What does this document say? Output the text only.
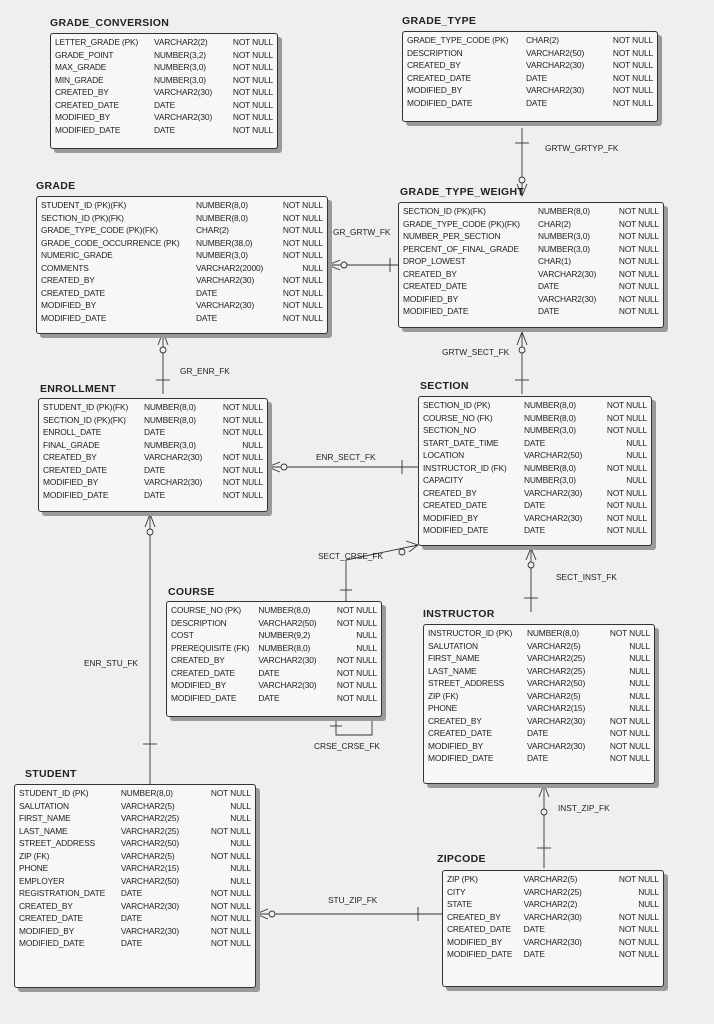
GRADE_CONVERSION	GRADE_TYPE
GRADE	GRADE_TYPE_WEIGHT
ENROLLMENT	SECTION
COURSE
INSTRUCTOR
STUDENT
ZIPCODE
LETTER_GRADE (PK)	VARCHAR2(2)	NOT NULL
GRADE_POINT	NUMBER(3,2)	NOT NULL
MAX_GRADE	NUMBER(3,0)	NOT NULL
MIN_GRADE	NUMBER(3,0)	NOT NULL
CREATED_BY	VARCHAR2(30)	NOT NULL
CREATED_DATE	DATE	NOT NULL
MODIFIED_BY	VARCHAR2(30)	NOT NULL
MODIFIED_DATE	DATE	NOT NULL
GRADE_TYPE_CODE (PK)	CHAR(2)	NOT NULL
DESCRIPTION	VARCHAR2(50)	NOT NULL
CREATED_BY	VARCHAR2(30)	NOT NULL
CREATED_DATE	DATE	NOT NULL
MODIFIED_BY	VARCHAR2(30)	NOT NULL
MODIFIED_DATE	DATE	NOT NULL
STUDENT_ID (PK)(FK)	NUMBER(8,0)	NOT NULL
SECTION_ID (PK)(FK)	NUMBER(8,0)	NOT NULL
GRADE_TYPE_CODE (PK)(FK)	CHAR(2)	NOT NULL
GRADE_CODE_OCCURRENCE (PK)	NUMBER(38,0)	NOT NULL
NUMERIC_GRADE	NUMBER(3,0)	NOT NULL
COMMENTS	VARCHAR2(2000)	NULL
CREATED_BY	VARCHAR2(30)	NOT NULL
CREATED_DATE	DATE	NOT NULL
MODIFIED_BY	VARCHAR2(30)	NOT NULL
MODIFIED_DATE	DATE	NOT NULL
SECTION_ID (PK)(FK)	NUMBER(8,0)	NOT NULL
GRADE_TYPE_CODE (PK)(FK)	CHAR(2)	NOT NULL
NUMBER_PER_SECTION	NUMBER(3,0)	NOT NULL
PERCENT_OF_FINAL_GRADE	NUMBER(3,0)	NOT NULL
DROP_LOWEST	CHAR(1)	NOT NULL
CREATED_BY	VARCHAR2(30)	NOT NULL
CREATED_DATE	DATE	NOT NULL
MODIFIED_BY	VARCHAR2(30)	NOT NULL
MODIFIED_DATE	DATE	NOT NULL
STUDENT_ID (PK)(FK)	NUMBER(8,0)	NOT NULL
SECTION_ID (PK)(FK)	NUMBER(8,0)	NOT NULL
ENROLL_DATE	DATE	NOT NULL
FINAL_GRADE	NUMBER(3,0)	NULL
CREATED_BY	VARCHAR2(30)	NOT NULL
CREATED_DATE	DATE	NOT NULL
MODIFIED_BY	VARCHAR2(30)	NOT NULL
MODIFIED_DATE	DATE	NOT NULL
SECTION_ID (PK)	NUMBER(8,0)	NOT NULL
COURSE_NO (FK)	NUMBER(8,0)	NOT NULL
SECTION_NO	NUMBER(3,0)	NOT NULL
START_DATE_TIME	DATE	NULL
LOCATION	VARCHAR2(50)	NULL
INSTRUCTOR_ID (FK)	NUMBER(8,0)	NOT NULL
CAPACITY	NUMBER(3,0)	NULL
CREATED_BY	VARCHAR2(30)	NOT NULL
CREATED_DATE	DATE	NOT NULL
MODIFIED_BY	VARCHAR2(30)	NOT NULL
MODIFIED_DATE	DATE	NOT NULL
COURSE_NO (PK)	NUMBER(8,0)	NOT NULL
DESCRIPTION	VARCHAR2(50)	NOT NULL
COST	NUMBER(9,2)	NULL
PREREQUISITE (FK)	NUMBER(8,0)	NULL
CREATED_BY	VARCHAR2(30)	NOT NULL
CREATED_DATE	DATE	NOT NULL
MODIFIED_BY	VARCHAR2(30)	NOT NULL
MODIFIED_DATE	DATE	NOT NULL
INSTRUCTOR_ID (PK)	NUMBER(8,0)	NOT NULL
SALUTATION	VARCHAR2(5)	NULL
FIRST_NAME	VARCHAR2(25)	NULL
LAST_NAME	VARCHAR2(25)	NULL
STREET_ADDRESS	VARCHAR2(50)	NULL
ZIP (FK)	VARCHAR2(5)	NULL
PHONE	VARCHAR2(15)	NULL
CREATED_BY	VARCHAR2(30)	NOT NULL
CREATED_DATE	DATE	NOT NULL
MODIFIED_BY	VARCHAR2(30)	NOT NULL
MODIFIED_DATE	DATE	NOT NULL
STUDENT_ID (PK)	NUMBER(8,0)	NOT NULL
SALUTATION	VARCHAR2(5)	NULL
FIRST_NAME	VARCHAR2(25)	NULL
LAST_NAME	VARCHAR2(25)	NOT NULL
STREET_ADDRESS	VARCHAR2(50)	NULL
ZIP (FK)	VARCHAR2(5)	NOT NULL
PHONE	VARCHAR2(15)	NULL
EMPLOYER	VARCHAR2(50)	NULL
REGISTRATION_DATE	DATE	NOT NULL
CREATED_BY	VARCHAR2(30)	NOT NULL
CREATED_DATE	DATE	NOT NULL
MODIFIED_BY	VARCHAR2(30)	NOT NULL
MODIFIED_DATE	DATE	NOT NULL
ZIP (PK)	VARCHAR2(5)	NOT NULL
CITY	VARCHAR2(25)	NULL
STATE	VARCHAR2(2)	NULL
CREATED_BY	VARCHAR2(30)	NOT NULL
CREATED_DATE	DATE	NOT NULL
MODIFIED_BY	VARCHAR2(30)	NOT NULL
MODIFIED_DATE	DATE	NOT NULL
GRTW_GRTYP_FK
GR_GRTW_FK
GRTW_SECT_FK
GR_ENR_FK
ENR_SECT_FK
SECT_CRSE_FK
SECT_INST_FK
ENR_STU_FK
CRSE_CRSE_FK
INST_ZIP_FK
STU_ZIP_FK
